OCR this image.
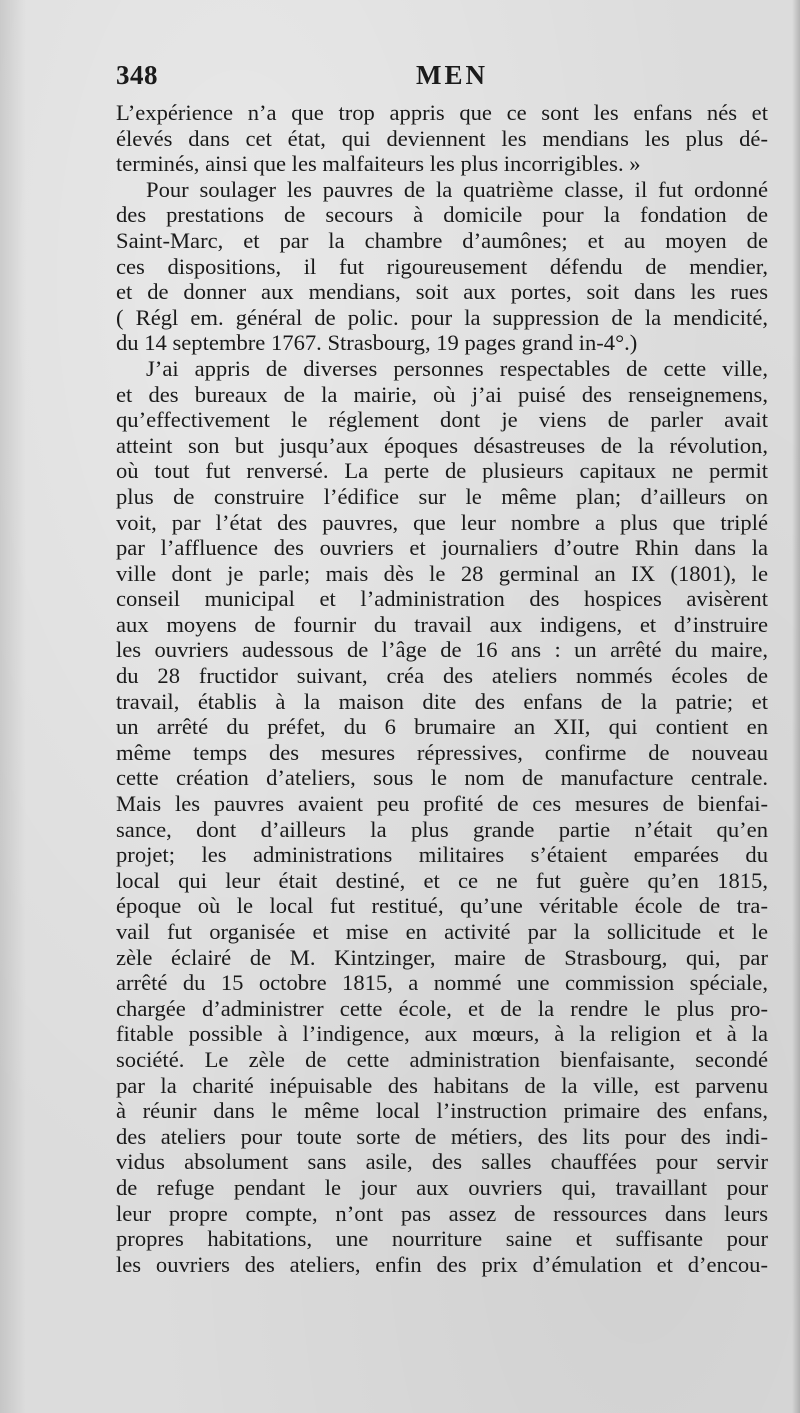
348	MEN
L’expérience n’a que trop appris que ce sont les enfans nés et
élevés dans cet état, qui deviennent les mendians les plus dé-
terminés, ainsi que les malfaiteurs les plus incorrigibles. »
Pour soulager les pauvres de la quatrième classe, il fut ordonné
des prestations de secours à domicile pour la fondation de
Saint-Marc, et par la chambre d’aumônes; et au moyen de
ces dispositions, il fut rigoureusement défendu de mendier,
et de donner aux mendians, soit aux portes, soit dans les rues
( Régl em. général de polic. pour la suppression de la mendicité,
du 14 septembre 1767. Strasbourg, 19 pages grand in-4°.)
J’ai appris de diverses personnes respectables de cette ville,
et des bureaux de la mairie, où j’ai puisé des renseignemens,
qu’effectivement le réglement dont je viens de parler avait
atteint son but jusqu’aux époques désastreuses de la révolution,
où tout fut renversé. La perte de plusieurs capitaux ne permit
plus de construire l’édifice sur le même plan; d’ailleurs on
voit, par l’état des pauvres, que leur nombre a plus que triplé
par l’affluence des ouvriers et journaliers d’outre Rhin dans la
ville dont je parle; mais dès le 28 germinal an IX (1801), le
conseil municipal et l’administration des hospices avisèrent
aux moyens de fournir du travail aux indigens, et d’instruire
les ouvriers audessous de l’âge de 16 ans : un arrêté du maire,
du 28 fructidor suivant, créa des ateliers nommés écoles de
travail, établis à la maison dite des enfans de la patrie; et
un arrêté du préfet, du 6 brumaire an XII, qui contient en
même temps des mesures répressives, confirme de nouveau
cette création d’ateliers, sous le nom de manufacture centrale.
Mais les pauvres avaient peu profité de ces mesures de bienfai-
sance, dont d’ailleurs la plus grande partie n’était qu’en
projet; les administrations militaires s’étaient emparées du
local qui leur était destiné, et ce ne fut guère qu’en 1815,
époque où le local fut restitué, qu’une véritable école de tra-
vail fut organisée et mise en activité par la sollicitude et le
zèle éclairé de M. Kintzinger, maire de Strasbourg, qui, par
arrêté du 15 octobre 1815, a nommé une commission spéciale,
chargée d’administrer cette école, et de la rendre le plus pro-
fitable possible à l’indigence, aux mœurs, à la religion et à la
société. Le zèle de cette administration bienfaisante, secondé
par la charité inépuisable des habitans de la ville, est parvenu
à réunir dans le même local l’instruction primaire des enfans,
des ateliers pour toute sorte de métiers, des lits pour des indi-
vidus absolument sans asile, des salles chauffées pour servir
de refuge pendant le jour aux ouvriers qui, travaillant pour
leur propre compte, n’ont pas assez de ressources dans leurs
propres habitations, une nourriture saine et suffisante pour
les ouvriers des ateliers, enfin des prix d’émulation et d’encou-
